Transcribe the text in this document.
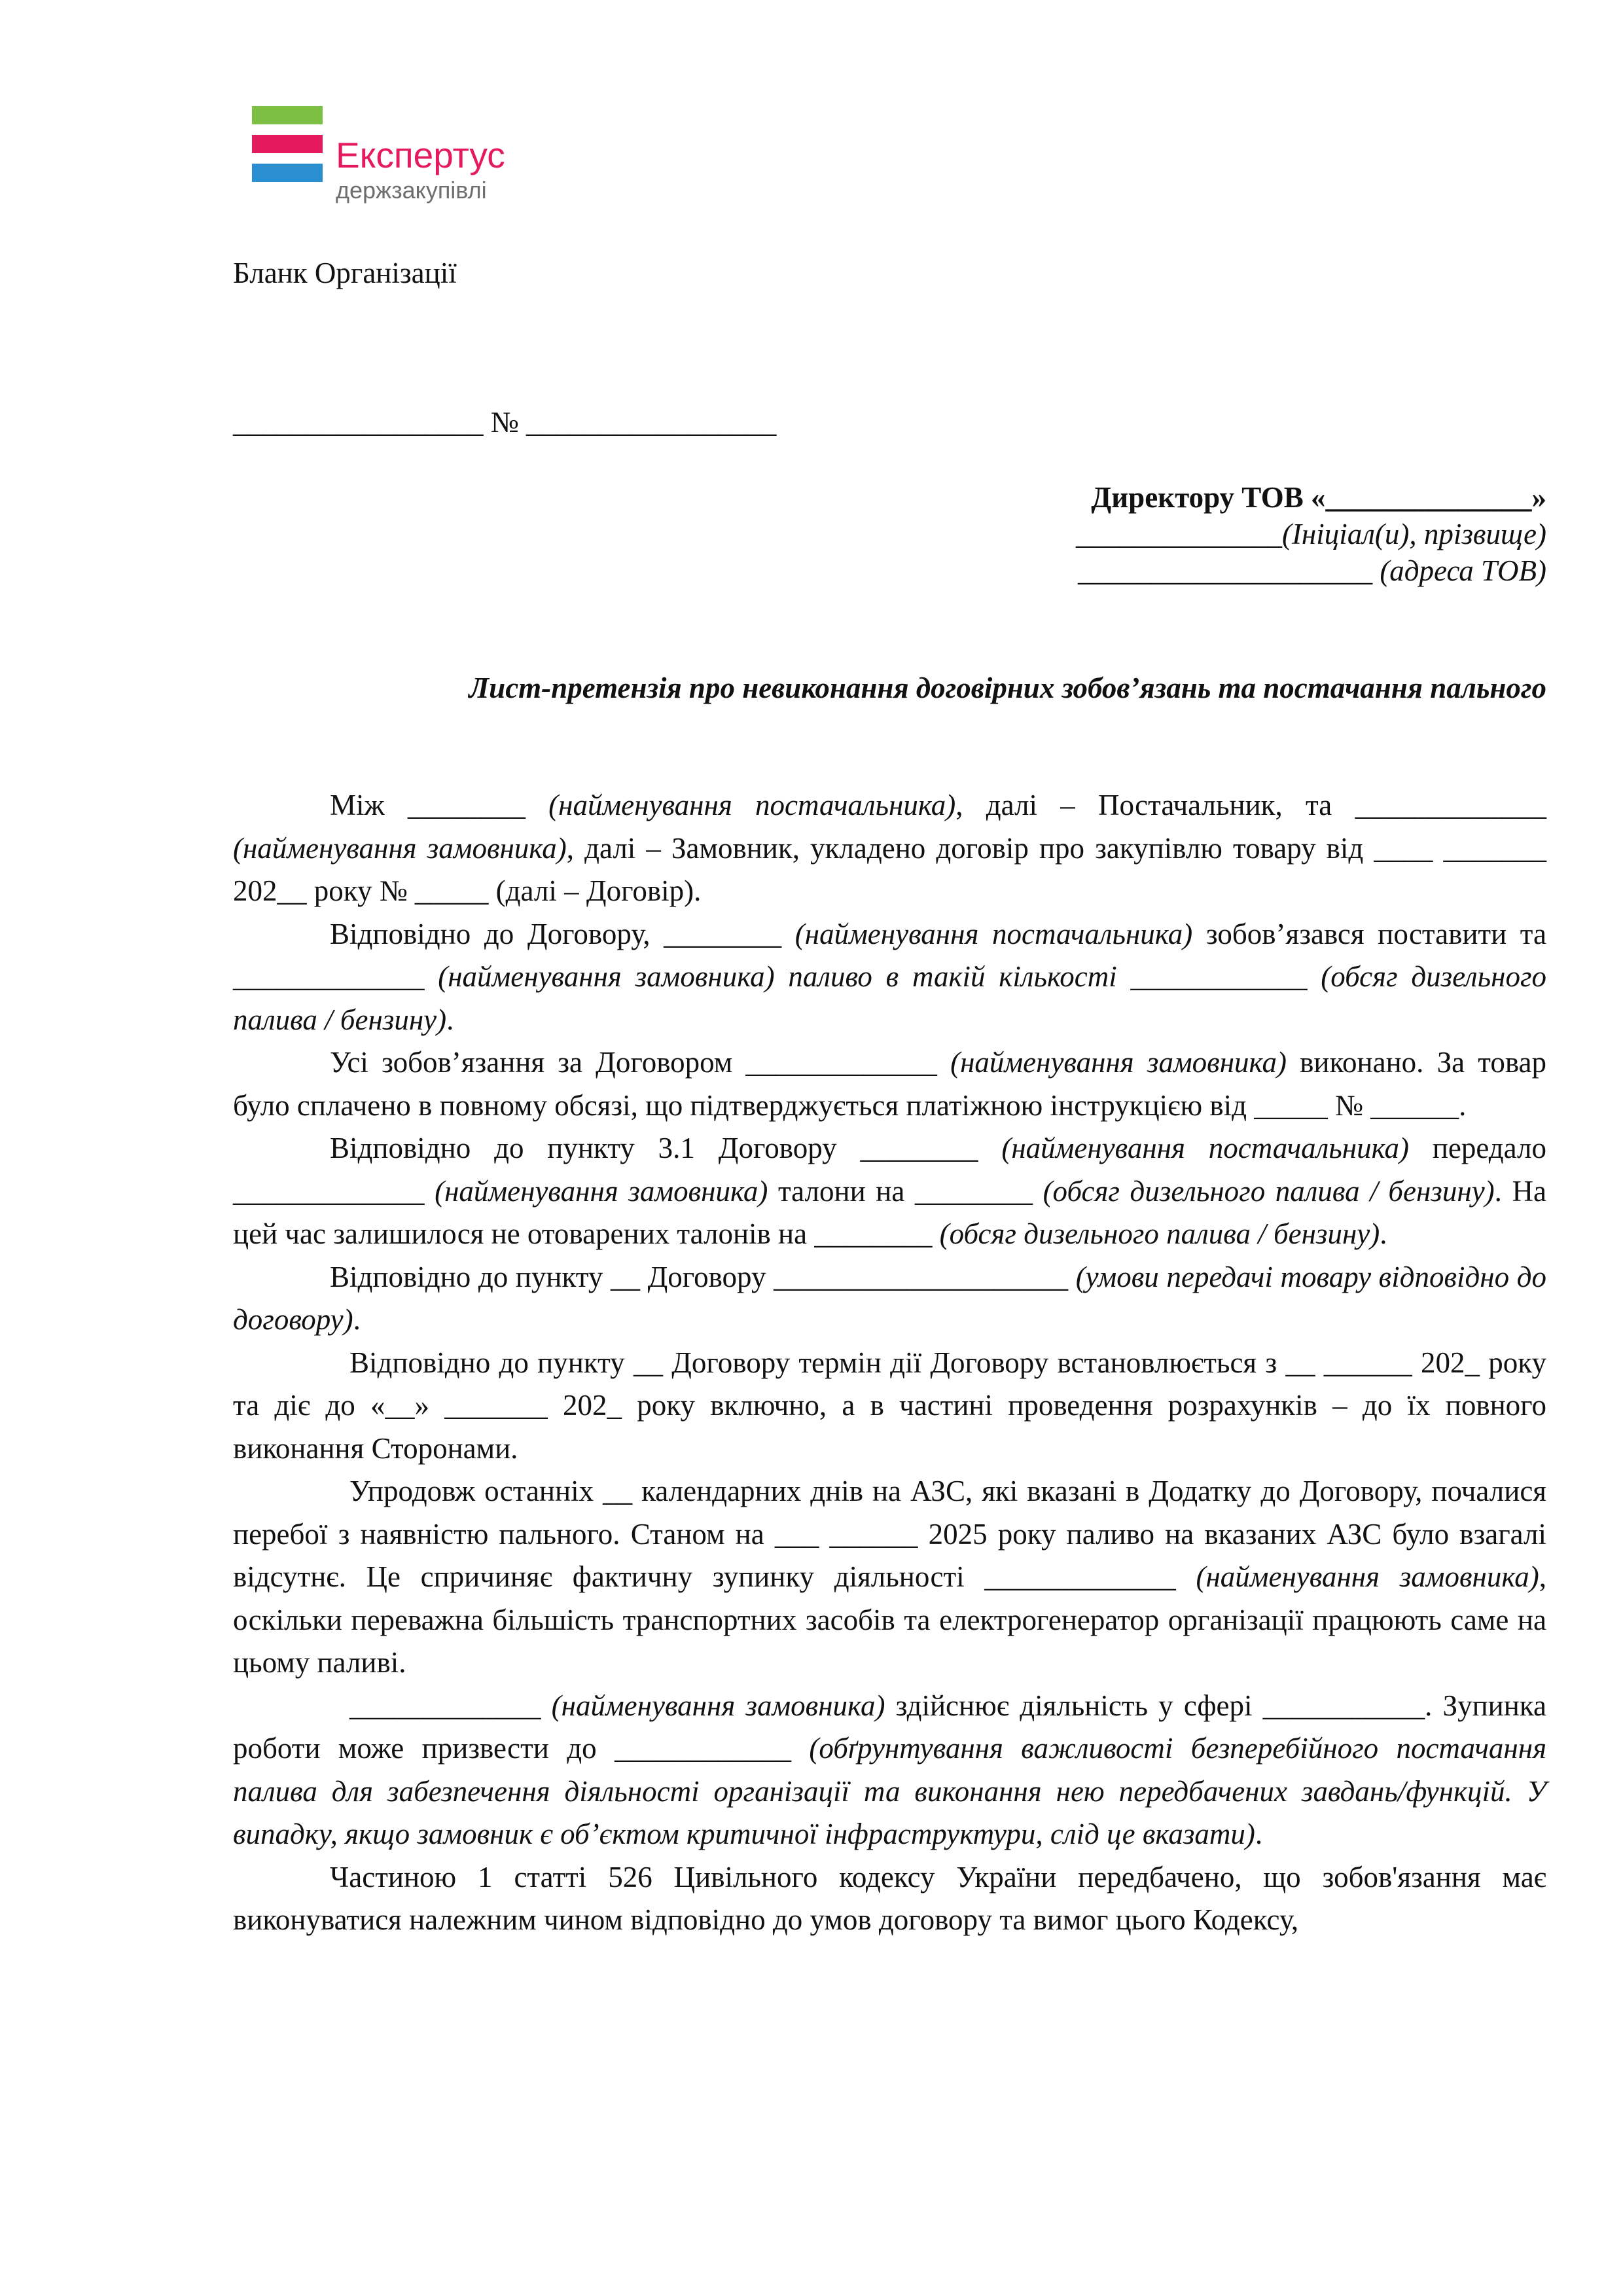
Експертус
держзакупівлі
Бланк Організації
_________________ № _________________
Директору ТОВ «______________»
______________(Ініціал(и), прізвище)
____________________ (адреса ТОВ)
Лист-претензія про невиконання договірних зобов’язань та постачання пального

Між ________ (найменування постачальника), далі – Постачальник, та _____________ (найменування замовника), далі – Замовник, укладено договір про закупівлю товару від ____ _______ 202__ року № _____ (далі – Договір).

Відповідно до Договору, ________ (найменування постачальника) зобов’язався поставити та _____________ (найменування замовника) паливо в такій кількості ____________ (обсяг дизельного палива / бензину).

Усі зобов’язання за Договором _____________ (найменування замовника) виконано. За товар було сплачено в повному обсязі, що підтверджується платіжною інструкцією від _____ № ______.

Відповідно до пункту 3.1 Договору ________ (найменування постачальника) передало _____________ (найменування замовника) талони на ________ (обсяг дизельного палива / бензину). На цей час залишилося не отоварених талонів на ________ (обсяг дизельного палива / бензину).

Відповідно до пункту __ Договору ____________________ (умови передачі товару відповідно до договору).

Відповідно до пункту __ Договору термін дії Договору встановлюється з __ ______ 202_ року та діє до «__» _______ 202_ року включно, а в частині проведення розрахунків – до їх повного виконання Сторонами.

Упродовж останніх __ календарних днів на АЗС, які вказані в Додатку до Договору, почалися перебої з наявністю пального. Станом на ___ ______ 2025 року паливо на вказаних АЗС було взагалі відсутнє. Це спричиняє фактичну зупинку діяльності _____________ (найменування замовника), оскільки переважна більшість транспортних засобів та електрогенератор організації працюють саме на цьому паливі.

_____________ (найменування замовника) здійснює діяльність у сфері ___________. Зупинка роботи може призвести до ____________ (обґрунтування важливості безперебійного постачання палива для забезпечення діяльності організації та виконання нею передбачених завдань/функцій. У випадку, якщо замовник є об’єктом критичної інфраструктури, слід це вказати).

Частиною 1 статті 526 Цивільного кодексу України передбачено, що зобов'язання має виконуватися належним чином відповідно до умов договору та вимог цього Кодексу,
